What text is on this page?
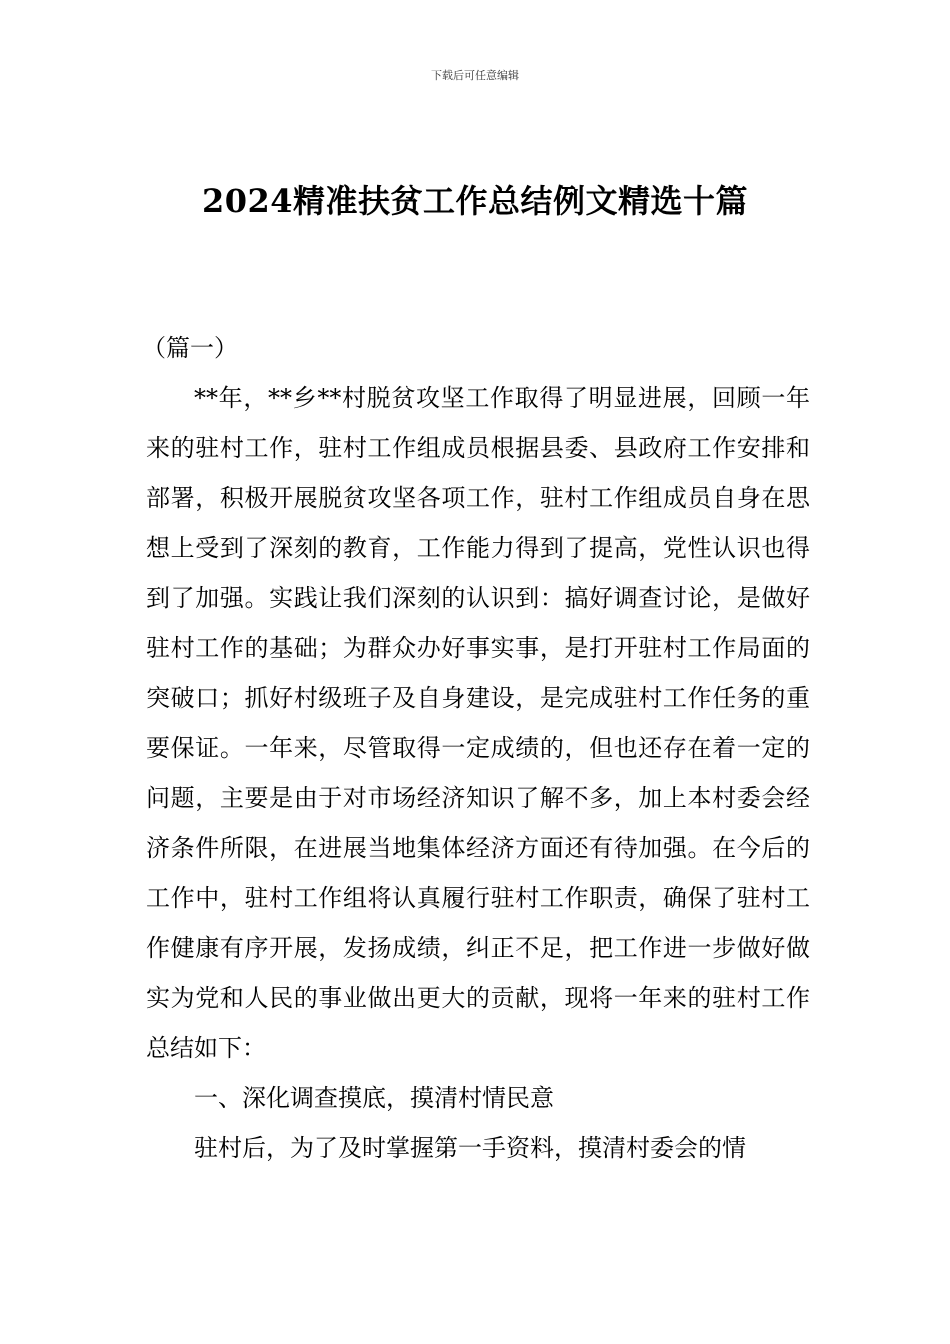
下载后可任意编辑
2024精准扶贫工作总结例文精选十篇
（篇一）

**年，**乡**村脱贫攻坚工作取得了明显进展，回顾一年来的驻村工作，驻村工作组成员根据县委、县政府工作安排和部署，积极开展脱贫攻坚各项工作，驻村工作组成员自身在思想上受到了深刻的教育，工作能力得到了提高，党性认识也得到了加强。实践让我们深刻的认识到：搞好调查讨论，是做好驻村工作的基础；为群众办好事实事，是打开驻村工作局面的突破口；抓好村级班子及自身建设，是完成驻村工作任务的重要保证。一年来，尽管取得一定成绩的，但也还存在着一定的问题，主要是由于对市场经济知识了解不多，加上本村委会经济条件所限，在进展当地集体经济方面还有待加强。在今后的工作中，驻村工作组将认真履行驻村工作职责，确保了驻村工作健康有序开展，发扬成绩，纠正不足，把工作进一步做好做实为党和人民的事业做出更大的贡献，现将一年来的驻村工作总结如下：

一、深化调查摸底，摸清村情民意

驻村后，为了及时掌握第一手资料，摸清村委会的情
